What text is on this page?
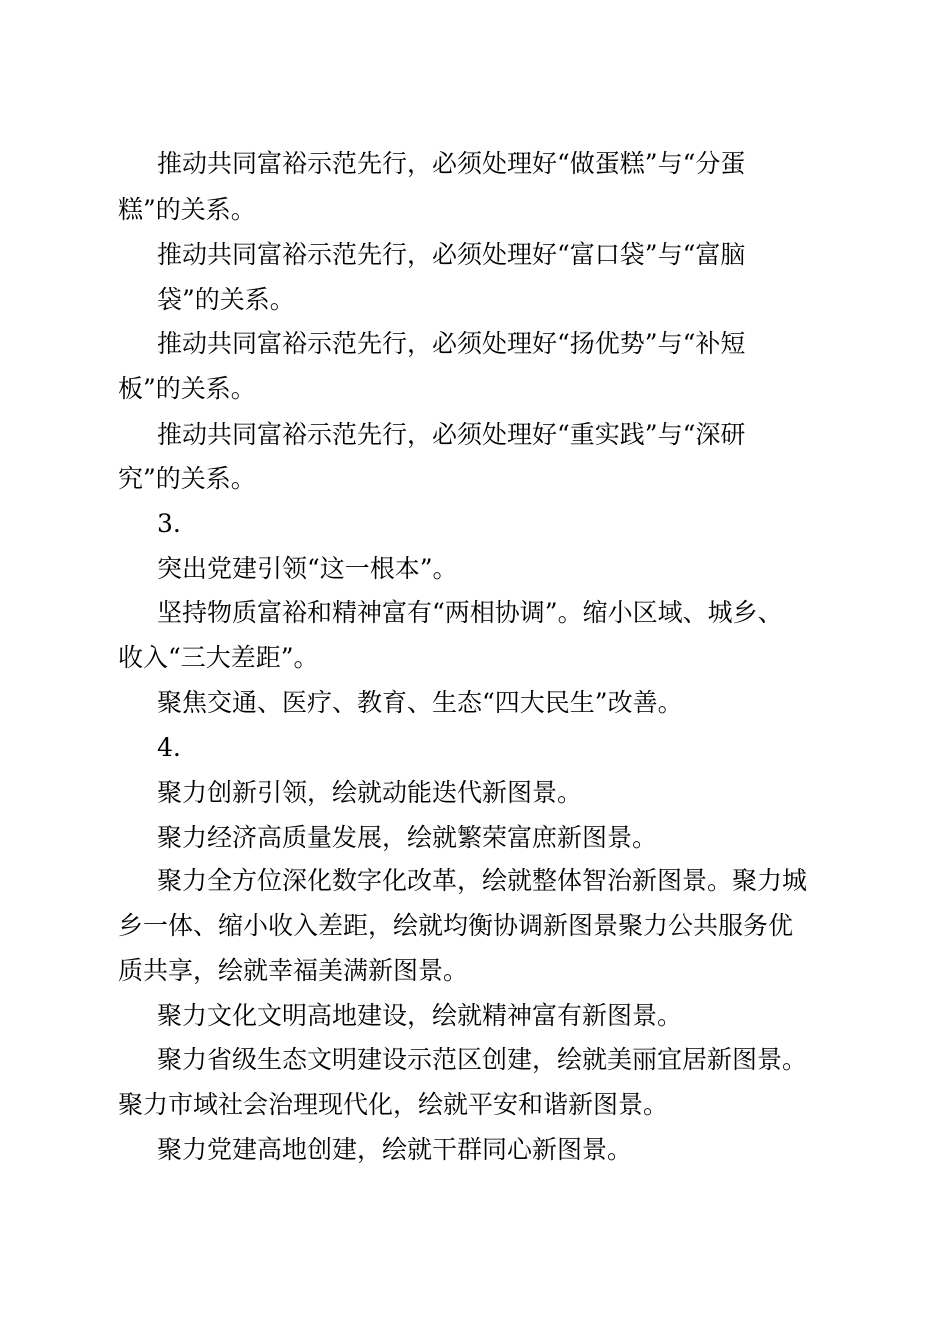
推动共同富裕示范先行，必须处理好“做蛋糕”与“分蛋
糕”的关系。
推动共同富裕示范先行，必须处理好“富口袋”与“富脑
袋”的关系。
推动共同富裕示范先行，必须处理好“扬优势”与“补短
板”的关系。
推动共同富裕示范先行，必须处理好“重实践”与“深研
究”的关系。
3.
突出党建引领“这一根本”。
坚持物质富裕和精神富有“两相协调”。缩小区域、城乡、
收入“三大差距”。
聚焦交通、医疗、教育、生态“四大民生”改善。
4.
聚力创新引领，绘就动能迭代新图景。
聚力经济高质量发展，绘就繁荣富庶新图景。
聚力全方位深化数字化改革，绘就整体智治新图景。聚力城
乡一体、缩小收入差距，绘就均衡协调新图景聚力公共服务优
质共享，绘就幸福美满新图景。
聚力文化文明高地建设，绘就精神富有新图景。
聚力省级生态文明建设示范区创建，绘就美丽宜居新图景。
聚力市域社会治理现代化，绘就平安和谐新图景。
聚力党建高地创建，绘就干群同心新图景。
